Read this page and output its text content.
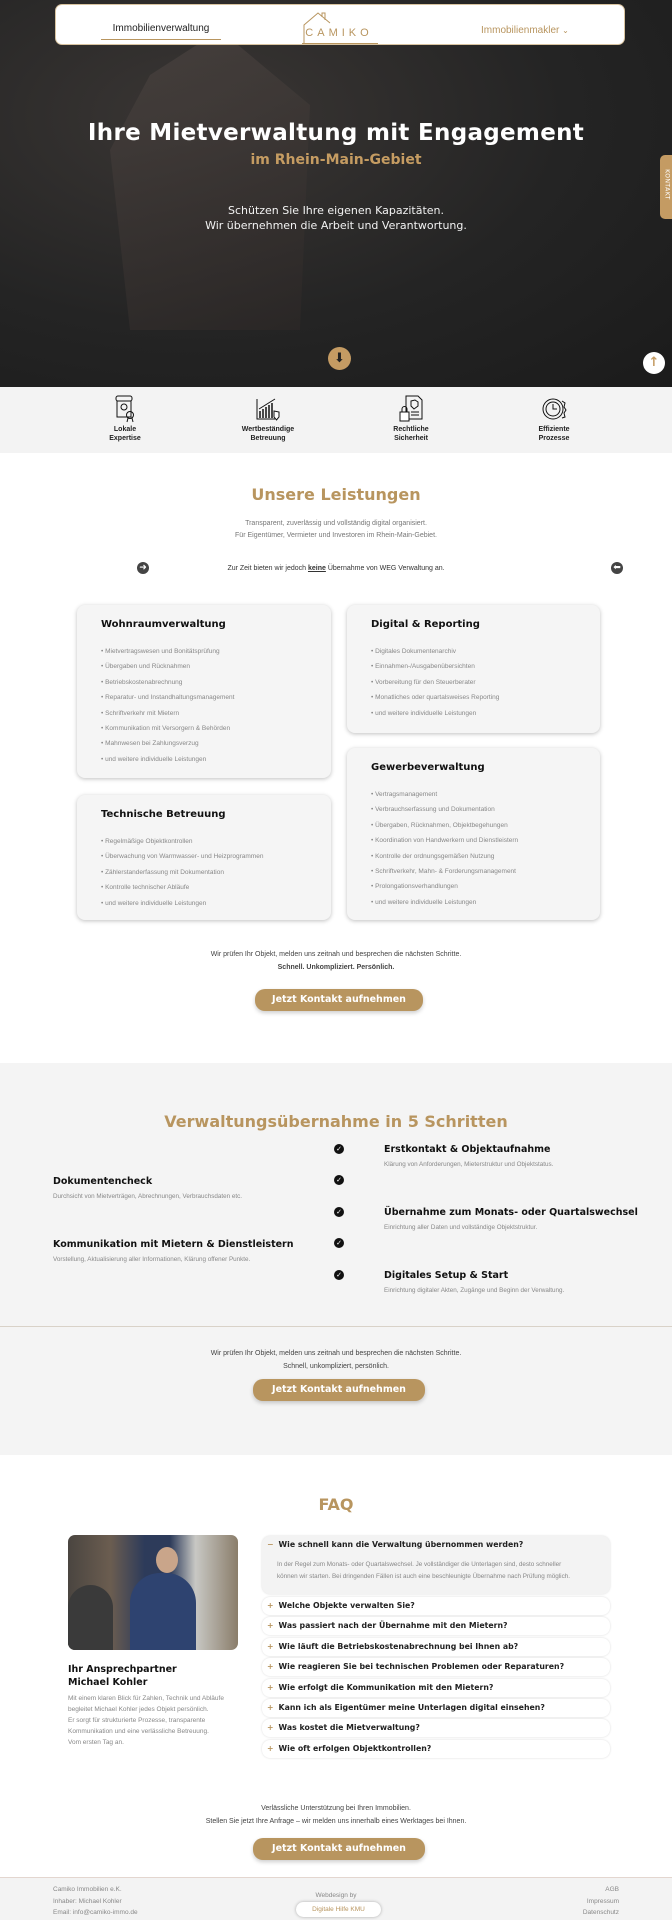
Immobilienverwaltung	CAMIKO	Immobilienmakler ⌄
Ihre Mietverwaltung mit Engagement
im Rhein-Main-Gebiet
Schützen Sie Ihre eigenen Kapazitäten.
Wir übernehmen die Arbeit und Verantwortung.
⬇	↑
KONTAKT
Lokale
Expertise
Wertbeständige
Betreuung
Rechtliche
Sicherheit
Effiziente
Prozesse
Unsere Leistungen
Transparent, zuverlässig und vollständig digital organisiert.
Für Eigentümer, Vermieter und Investoren im Rhein-Main-Gebiet.
➜	Zur Zeit bieten wir jedoch keine Übernahme von WEG Verwaltung an.	⬅
Wohnraumverwaltung
• Mietvertragswesen und Bonitätsprüfung
• Übergaben und Rücknahmen
• Betriebskostenabrechnung
• Reparatur- und Instandhaltungsmanagement
• Schriftverkehr mit Mietern
• Kommunikation mit Versorgern & Behörden
• Mahnwesen bei Zahlungsverzug
• und weitere individuelle Leistungen
Digital & Reporting
• Digitales Dokumentenarchiv
• Einnahmen-/Ausgabenübersichten
• Vorbereitung für den Steuerberater
• Monatliches oder quartalsweises Reporting
• und weitere individuelle Leistungen
Technische Betreuung
• Regelmäßige Objektkontrollen
• Überwachung von Warmwasser- und Heizprogrammen
• Zählerstanderfassung mit Dokumentation
• Kontrolle technischer Abläufe
• und weitere individuelle Leistungen
Gewerbeverwaltung
• Vertragsmanagement
• Verbrauchserfassung und Dokumentation
• Übergaben, Rücknahmen, Objektbegehungen
• Koordination von Handwerkern und Dienstleistern
• Kontrolle der ordnungsgemäßen Nutzung
• Schriftverkehr, Mahn- & Forderungsmanagement
• Prolongationsverhandlungen
• und weitere individuelle Leistungen
Wir prüfen Ihr Objekt, melden uns zeitnah und besprechen die nächsten Schritte.
Schnell. Unkompliziert. Persönlich.
Jetzt Kontakt aufnehmen
Verwaltungsübernahme in 5 Schritten
✓
✓
✓
✓
✓
Erstkontakt & Objektaufnahme

Klärung von Anforderungen, Mieterstruktur und Objektstatus.

Dokumentencheck

Durchsicht von Mietverträgen, Abrechnungen, Verbrauchsdaten etc.

Übernahme zum Monats- oder Quartalswechsel

Einrichtung aller Daten und vollständige Objektstruktur.

Kommunikation mit Mietern & Dienstleistern

Vorstellung, Aktualisierung aller Informationen, Klärung offener Punkte.

Digitales Setup & Start

Einrichtung digitaler Akten, Zugänge und Beginn der Verwaltung.

Wir prüfen Ihr Objekt, melden uns zeitnah und besprechen die nächsten Schritte.
Schnell, unkompliziert, persönlich.
Jetzt Kontakt aufnehmen
FAQ
Ihr Ansprechpartner
Michael Kohler
Mit einem klaren Blick für Zahlen, Technik und Abläufe
begleitet Michael Kohler jedes Objekt persönlich.
Er sorgt für strukturierte Prozesse, transparente
Kommunikation und eine verlässliche Betreuung.
Vom ersten Tag an.
− Wie schnell kann die Verwaltung übernommen werden?
In der Regel zum Monats- oder Quartalswechsel. Je vollständiger die Unterlagen sind, desto schneller
können wir starten. Bei dringenden Fällen ist auch eine beschleunigte Übernahme nach Prüfung möglich.
+ Welche Objekte verwalten Sie?
+ Was passiert nach der Übernahme mit den Mietern?
+ Wie läuft die Betriebskostenabrechnung bei Ihnen ab?
+ Wie reagieren Sie bei technischen Problemen oder Reparaturen?
+ Wie erfolgt die Kommunikation mit den Mietern?
+ Kann ich als Eigentümer meine Unterlagen digital einsehen?
+ Was kostet die Mietverwaltung?
+ Wie oft erfolgen Objektkontrollen?
Verlässliche Unterstützung bei Ihren Immobilien.
Stellen Sie jetzt Ihre Anfrage – wir melden uns innerhalb eines Werktages bei Ihnen.
Jetzt Kontakt aufnehmen
Camiko Immobilien e.K.
Inhaber: Michael Kohler
Email: info@camiko-immo.de
Webdesign by
Digitale Hilfe KMU
AGB
Impressum
Datenschutz
